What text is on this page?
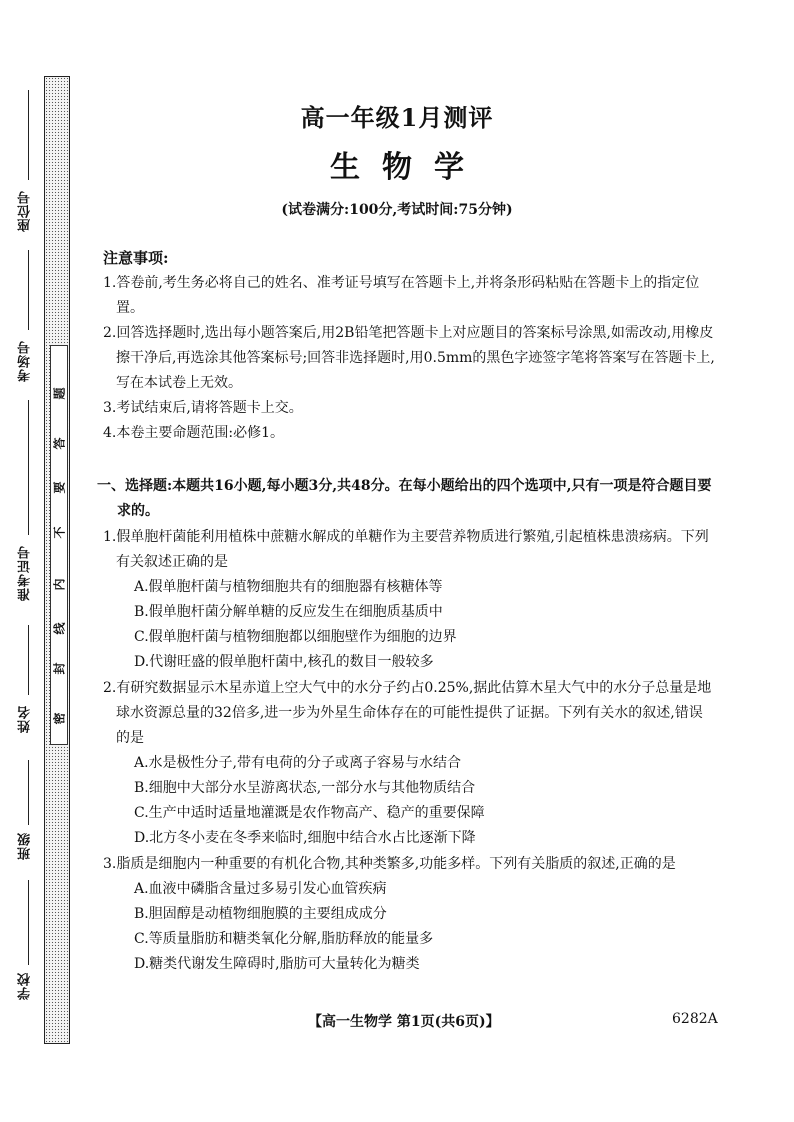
密
封
线
内
不
要
答
题
座位号
考场号
准考证号
姓名
班级
学校
高一年级1月测评
生物学
(试卷满分:100分,考试时间:75分钟)
注意事项:
1.答卷前,考生务必将自己的姓名、准考证号填写在答题卡上,并将条形码粘贴在答题卡上的指定位置。
2.回答选择题时,选出每小题答案后,用2B铅笔把答题卡上对应题目的答案标号涂黑,如需改动,用橡皮擦干净后,再选涂其他答案标号;回答非选择题时,用0.5mm的黑色字迹签字笔将答案写在答题卡上,写在本试卷上无效。
3.考试结束后,请将答题卡上交。
4.本卷主要命题范围:必修1。
一、选择题:本题共16小题,每小题3分,共48分。在每小题给出的四个选项中,只有一项是符合题目要求的。
1.假单胞杆菌能利用植株中蔗糖水解成的单糖作为主要营养物质进行繁殖,引起植株患溃疡病。下列有关叙述正确的是
A.假单胞杆菌与植物细胞共有的细胞器有核糖体等
B.假单胞杆菌分解单糖的反应发生在细胞质基质中
C.假单胞杆菌与植物细胞都以细胞壁作为细胞的边界
D.代谢旺盛的假单胞杆菌中,核孔的数目一般较多
2.有研究数据显示木星赤道上空大气中的水分子约占0.25%,据此估算木星大气中的水分子总量是地球水资源总量的32倍多,进一步为外星生命体存在的可能性提供了证据。下列有关水的叙述,错误的是
A.水是极性分子,带有电荷的分子或离子容易与水结合
B.细胞中大部分水呈游离状态,一部分水与其他物质结合
C.生产中适时适量地灌溉是农作物高产、稳产的重要保障
D.北方冬小麦在冬季来临时,细胞中结合水占比逐渐下降
3.脂质是细胞内一种重要的有机化合物,其种类繁多,功能多样。下列有关脂质的叙述,正确的是
A.血液中磷脂含量过多易引发心血管疾病
B.胆固醇是动植物细胞膜的主要组成成分
C.等质量脂肪和糖类氧化分解,脂肪释放的能量多
D.糖类代谢发生障碍时,脂肪可大量转化为糖类
【高一生物学 第1页(共6页)】	6282A
